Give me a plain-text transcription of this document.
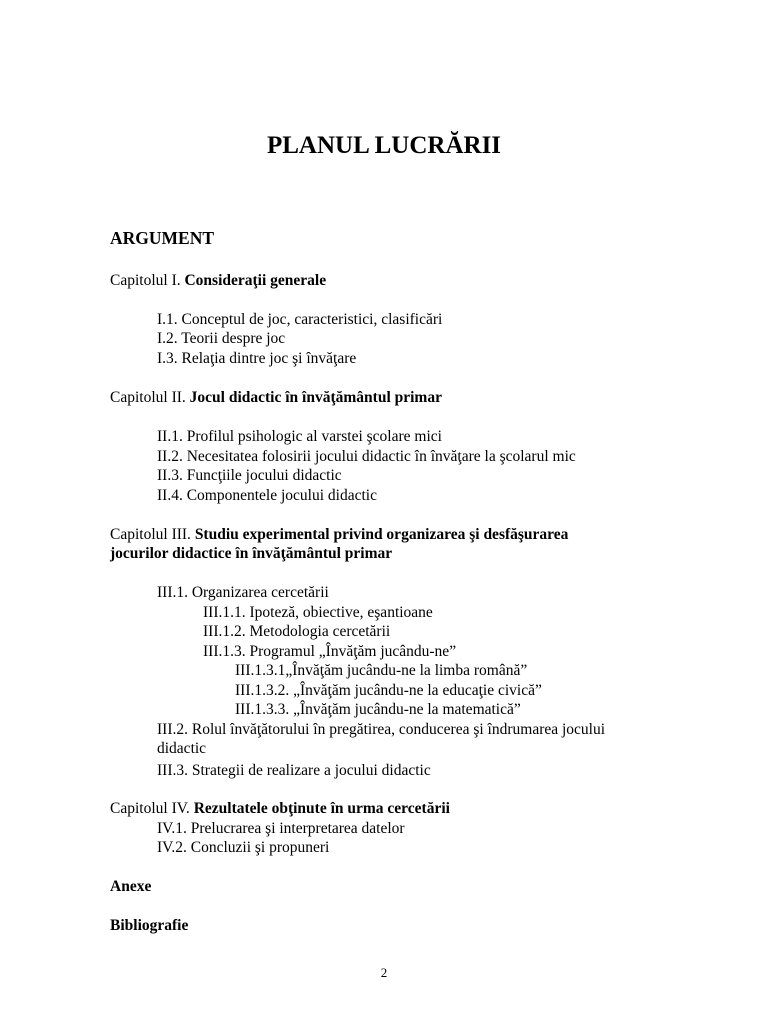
PLANUL LUCRĂRII
ARGUMENT
Capitolul I. Consideraţii generale
I.1. Conceptul de joc, caracteristici, clasificări
I.2. Teorii despre joc
I.3. Relaţia dintre joc şi învăţare
Capitolul II. Jocul didactic în învăţământul primar
II.1. Profilul psihologic al varstei şcolare mici
II.2. Necesitatea folosirii jocului didactic în învăţare la şcolarul mic
II.3. Funcţiile jocului didactic
II.4. Componentele jocului didactic
Capitolul III. Studiu experimental privind organizarea şi desfăşurarea
jocurilor didactice în învăţământul primar
III.1. Organizarea cercetării
III.1.1. Ipoteză, obiective, eşantioane
III.1.2. Metodologia cercetării
III.1.3. Programul „Învăţăm jucându-ne”
III.1.3.1„Învăţăm jucându-ne la limba română”
III.1.3.2. „Învăţăm jucându-ne la educaţie civică”
III.1.3.3. „Învăţăm jucându-ne la matematică”
III.2. Rolul învăţătorului în pregătirea, conducerea şi îndrumarea jocului
didactic
III.3. Strategii de realizare a jocului didactic
Capitolul IV. Rezultatele obţinute în urma cercetării
IV.1. Prelucrarea şi interpretarea datelor
IV.2. Concluzii şi propuneri
Anexe
Bibliografie
2
